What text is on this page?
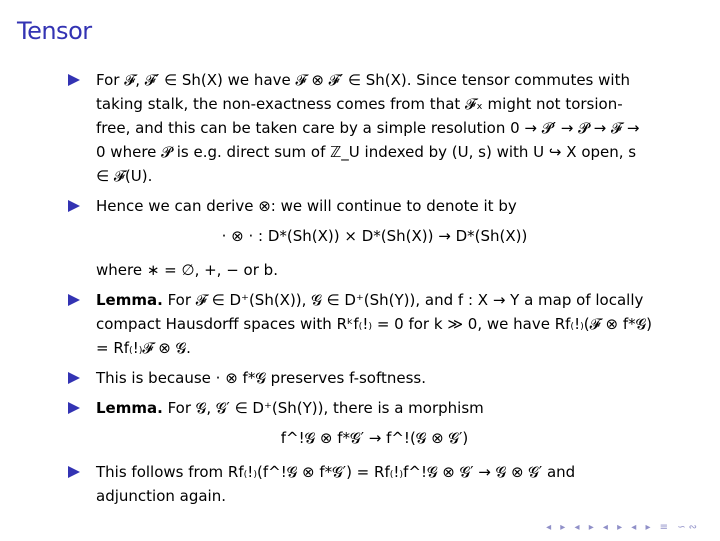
Tensor
For 𝓕, 𝓕′ ∈ Sh(X) we have 𝓕 ⊗ 𝓕′ ∈ Sh(X). Since tensor commutes with taking stalk, the non-exactness comes from that 𝓕ₓ might not torsion-free, and this can be taken care by a simple resolution 0 → 𝓟′ → 𝓟 → 𝓕 → 0 where 𝓟 is e.g. direct sum of ℤ_U indexed by (U, s) with U ↪ X open, s ∈ 𝓕(U).
Hence we can derive ⊗: we will continue to denote it by
· ⊗ · : D*(Sh(X)) × D*(Sh(X)) → D*(Sh(X))
where ∗ = ∅, +, − or b.
Lemma. For 𝓕 ∈ D⁺(Sh(X)), 𝓖 ∈ D⁺(Sh(Y)), and f : X → Y a map of locally compact Hausdorff spaces with Rᵏf₍!₎ = 0 for k ≫ 0, we have Rf₍!₎(𝓕 ⊗ f*𝓖) = Rf₍!₎𝓕 ⊗ 𝓖.
This is because · ⊗ f*𝓖 preserves f-softness.
Lemma. For 𝓖, 𝓖′ ∈ D⁺(Sh(Y)), there is a morphism
f^!𝓖 ⊗ f*𝓖′ → f^!(𝓖 ⊗ 𝓖′)
This follows from Rf₍!₎(f^!𝓖 ⊗ f*𝓖′) = Rf₍!₎f^!𝓖 ⊗ 𝓖′ → 𝓖 ⊗ 𝓖′ and adjunction again.
◂ ▸ ◂ ▸ ◂ ▸ ◂ ▸ ≡ ∽∾
